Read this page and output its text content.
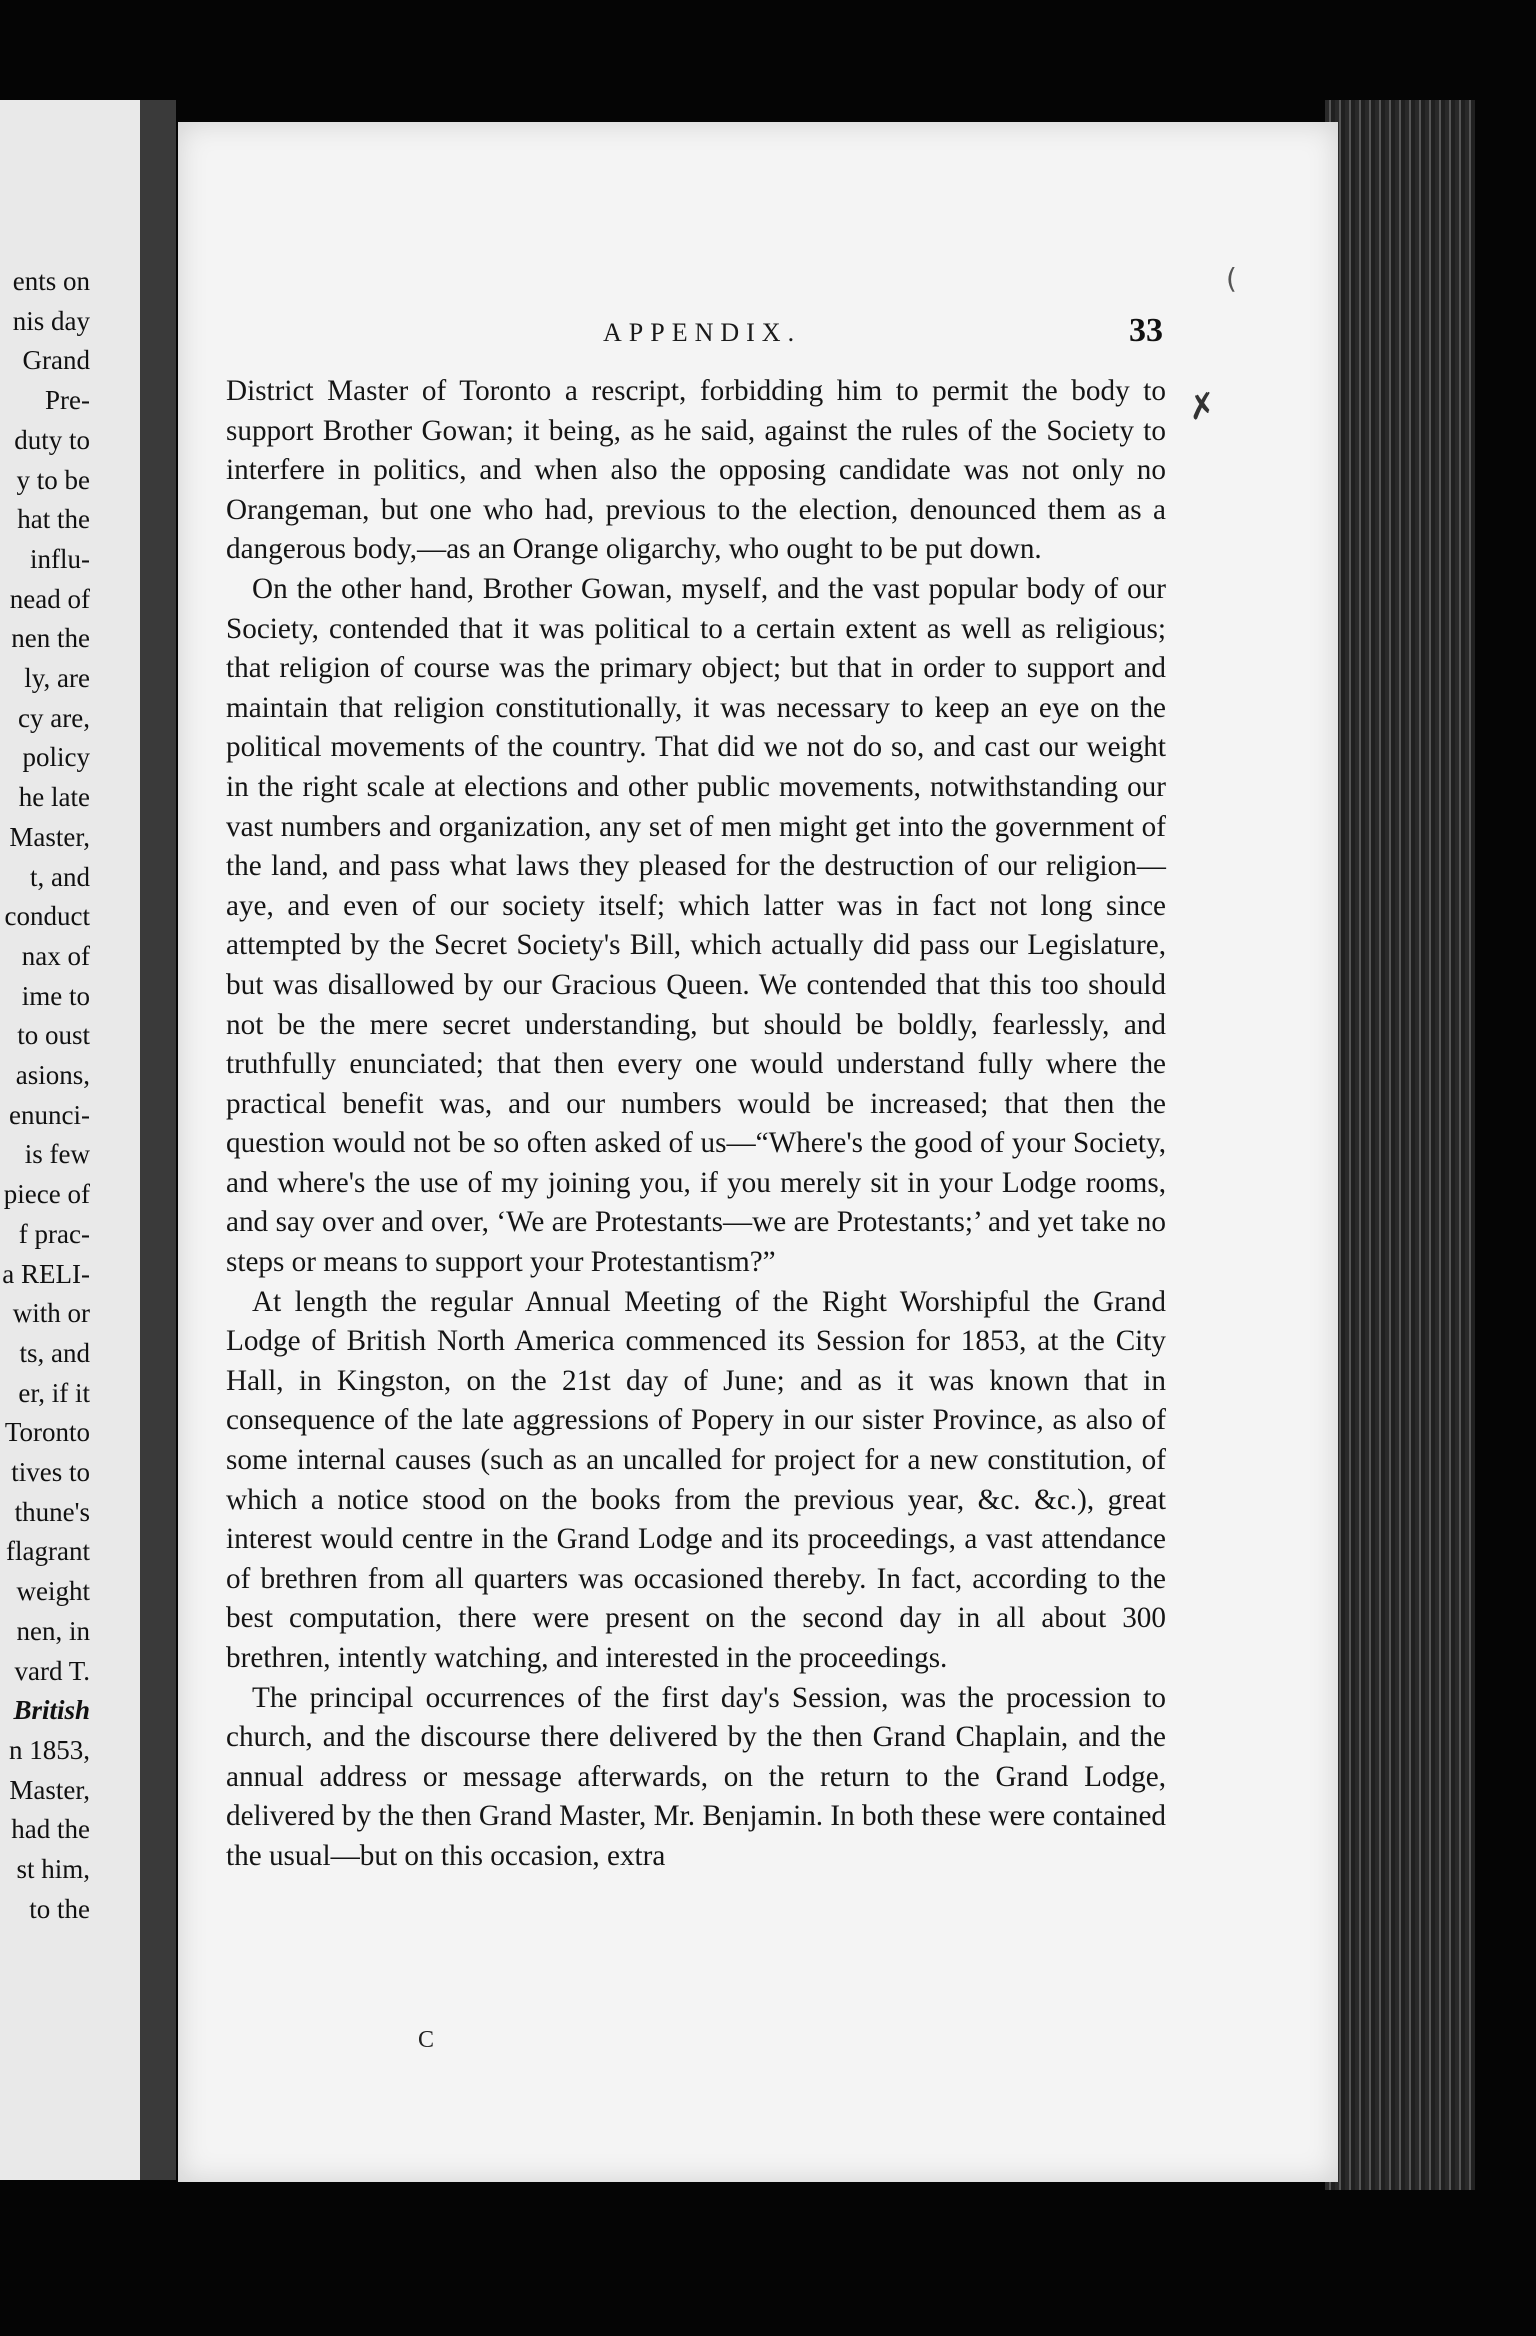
ents on
nis day
Grand
Pre-
duty to
y to be
hat the
influ-
nead of
nen the
ly, are
cy are,
policy
he late
Master,
t, and
conduct
nax of
ime to
to oust
asions,
enunci-
is few
piece of
f prac-
a RELI-
with or
ts, and
er, if it
Toronto
tives to
thune's
flagrant
weight
nen, in
vard T.
British
n 1853,
Master,
had the
st him,
to the
APPENDIX.	33
(
✗

District Master of Toronto a rescript, forbidding him to permit the body to support Brother Gowan; it being, as he said, against the rules of the Society to interfere in politics, and when also the opposing candidate was not only no Orangeman, but one who had, previous to the election, denounced them as a dangerous body,—as an Orange oligarchy, who ought to be put down.

On the other hand, Brother Gowan, myself, and the vast popular body of our Society, contended that it was political to a certain extent as well as religious; that religion of course was the primary object; but that in order to support and maintain that religion constitutionally, it was necessary to keep an eye on the political movements of the country. That did we not do so, and cast our weight in the right scale at elections and other public movements, notwithstanding our vast numbers and organization, any set of men might get into the government of the land, and pass what laws they pleased for the destruction of our religion—aye, and even of our society itself; which latter was in fact not long since attempted by the Secret Society's Bill, which actually did pass our Legislature, but was disallowed by our Gracious Queen. We contended that this too should not be the mere secret understanding, but should be boldly, fearlessly, and truthfully enunciated; that then every one would understand fully where the practical benefit was, and our numbers would be increased; that then the question would not be so often asked of us—“Where's the good of your Society, and where's the use of my joining you, if you merely sit in your Lodge rooms, and say over and over, ‘We are Protestants—we are Protestants;’ and yet take no steps or means to support your Protestantism?”

At length the regular Annual Meeting of the Right Worshipful the Grand Lodge of British North America commenced its Session for 1853, at the City Hall, in Kingston, on the 21st day of June; and as it was known that in consequence of the late aggressions of Popery in our sister Province, as also of some internal causes (such as an uncalled for project for a new constitution, of which a notice stood on the books from the previous year, &c. &c.), great interest would centre in the Grand Lodge and its proceedings, a vast attendance of brethren from all quarters was occasioned thereby. In fact, according to the best computation, there were present on the second day in all about 300 brethren, intently watching, and interested in the proceedings.

The principal occurrences of the first day's Session, was the procession to church, and the discourse there delivered by the then Grand Chaplain, and the annual address or message afterwards, on the return to the Grand Lodge, delivered by the then Grand Master, Mr. Benjamin. In both these were contained the usual—but on this occasion, extra

C
